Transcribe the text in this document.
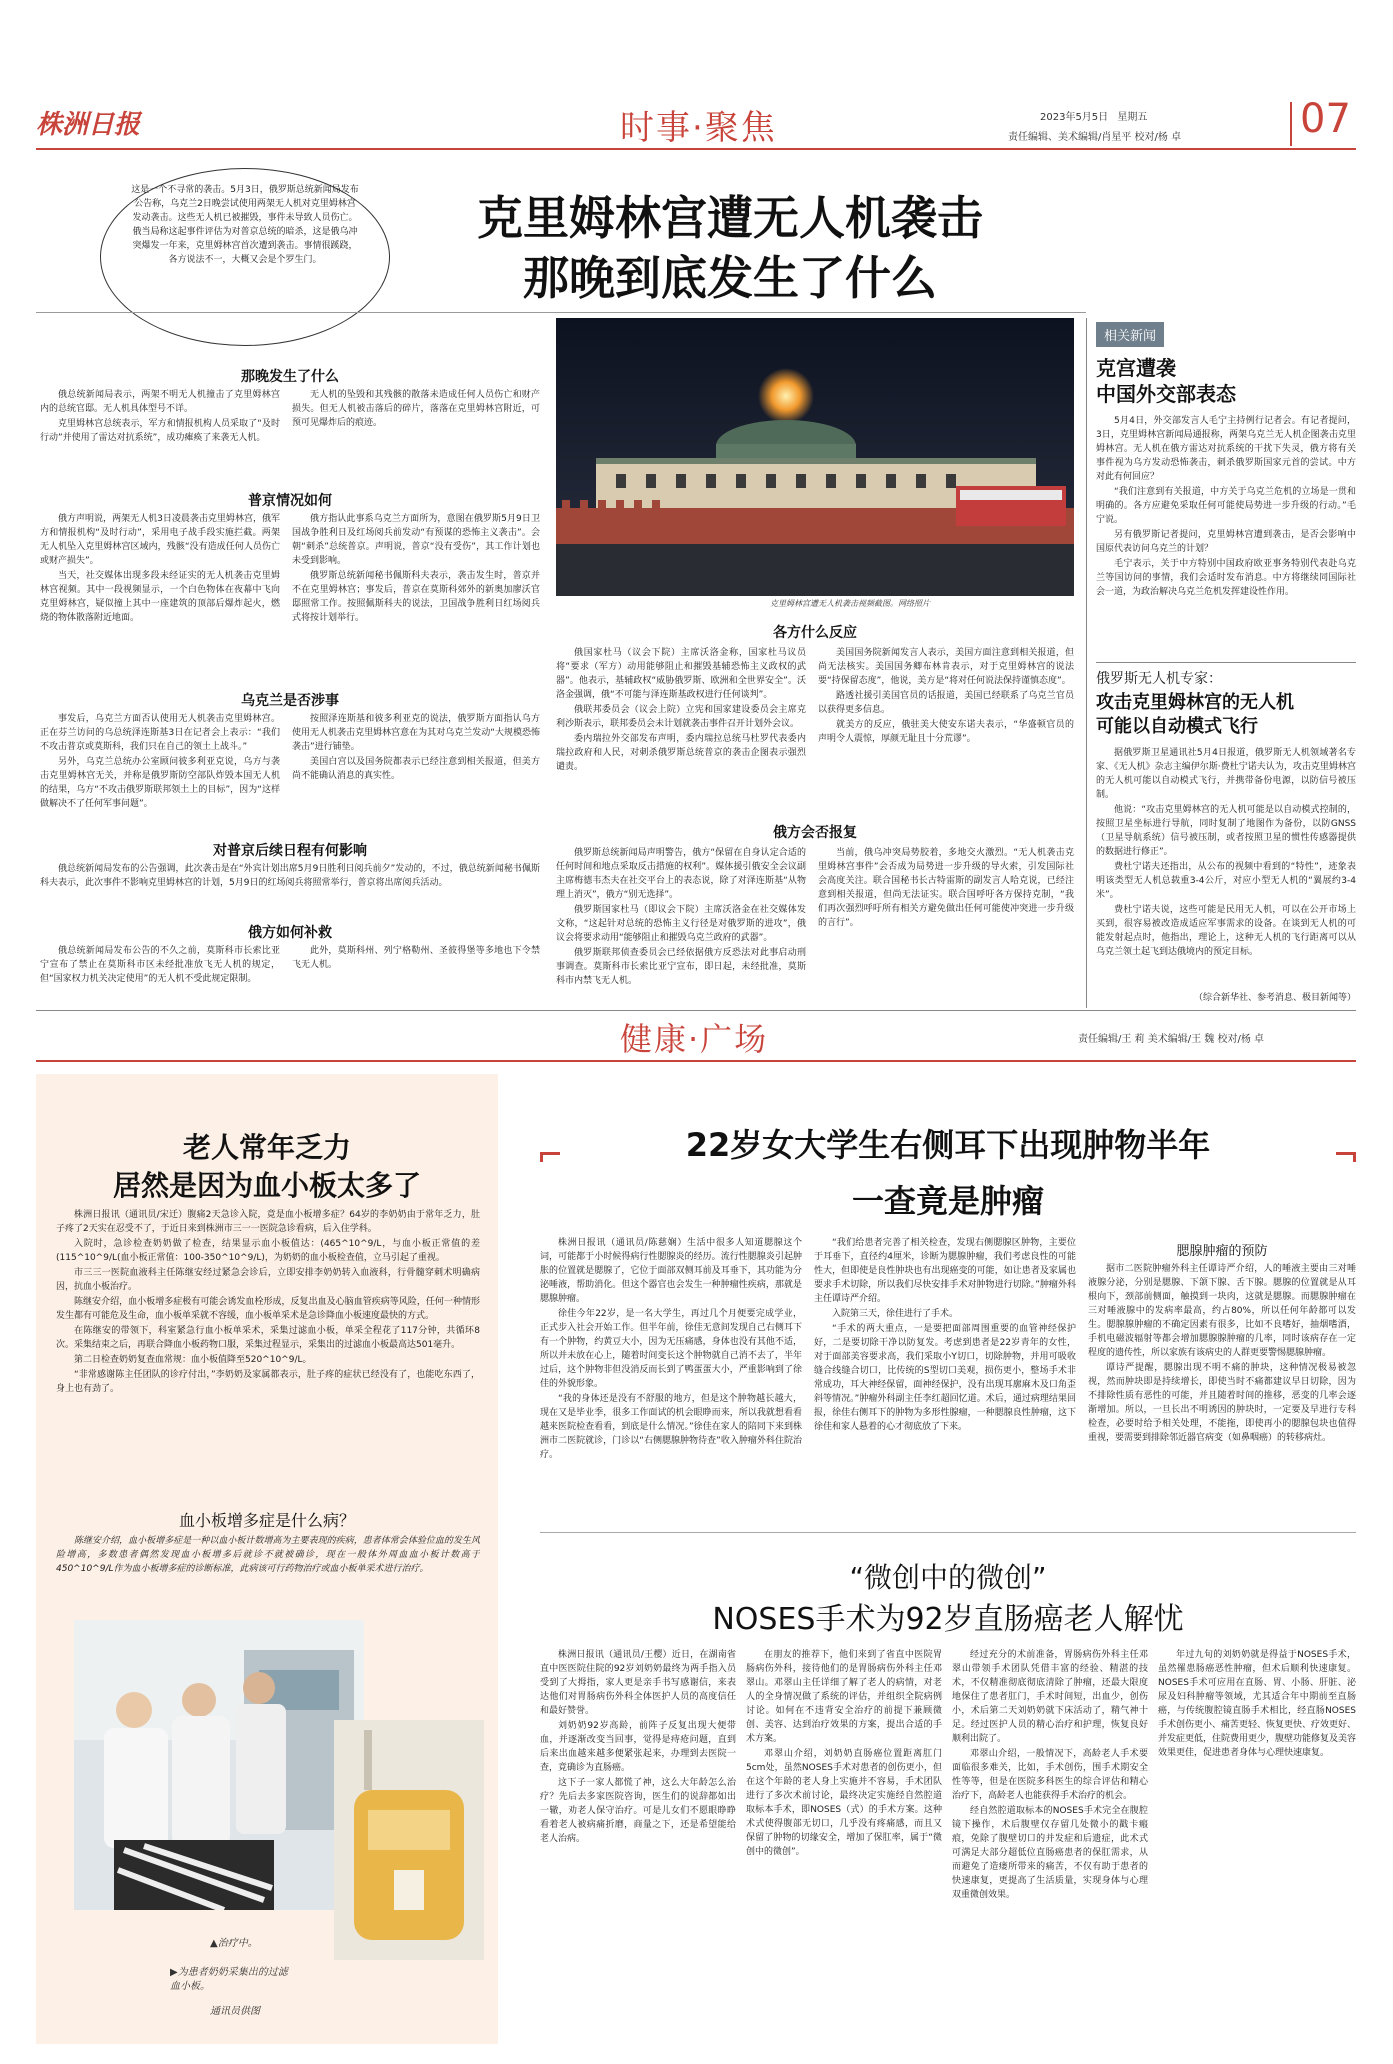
株洲日报	时事·聚焦	2023年5月5日 星期五
责任编辑、美术编辑/肖星平 校对/杨 卓	07
这是一个不寻常的袭击。5月3日，俄罗斯总统新闻局发布公告称，乌克兰2日晚尝试使用两架无人机对克里姆林宫发动袭击。这些无人机已被摧毁，事件未导致人员伤亡。俄当局称这起事件评估为对普京总统的暗杀，这是俄乌冲突爆发一年来，克里姆林宫首次遭到袭击。事情很蹊跷，各方说法不一，大概又会是个罗生门。
克里姆林宫遭无人机袭击
那晚到底发生了什么
克里姆林宫遭无人机袭击视频截图。网络照片
那晚发生了什么

俄总统新闻局表示，两架不明无人机撞击了克里姆林宫内的总统官邸。无人机具体型号不详。

克里姆林宫总统表示，军方和情报机构人员采取了“及时行动”并使用了雷达对抗系统”，成功瘫痪了来袭无人机。

无人机的坠毁和其残骸的散落未造成任何人员伤亡和财产损失。但无人机被击落后的碎片，落落在克里姆林宫附近，可预可见爆炸后的痕迹。

普京情况如何

俄方声明说，两架无人机3日凌晨袭击克里姆林宫，俄军方和情报机构“及时行动”，采用电子战手段实施拦截。两架无人机坠入克里姆林宫区域内，残骸“没有造成任何人员伤亡或财产损失”。

当天，社交媒体出现多段未经证实的无人机袭击克里姆林宫视频。其中一段视频显示，一个白色物体在夜幕中飞向克里姆林宫，疑似撞上其中一座建筑的顶部后爆炸起火，燃烧的物体散落附近地面。

俄方指认此事系乌克兰方面所为，意图在俄罗斯5月9日卫国战争胜利日及红场阅兵前发动“有预谋的恐怖主义袭击”。会朝“刺杀”总统普京。声明说，普京“没有受伤”，其工作计划也未受到影响。

俄罗斯总统新闻秘书佩斯科夫表示，袭击发生时，普京并不在克里姆林宫；事发后，普京在莫斯科郊外的新奥加廖沃官邸照常工作。按照佩斯科夫的说法，卫国战争胜利日红场阅兵式将按计划举行。

乌克兰是否涉事

事发后，乌克兰方面否认使用无人机袭击克里姆林宫。正在芬兰访问的乌总统泽连斯基3日在记者会上表示：“我们不攻击普京或莫斯科，我们只在自己的领土上战斗。”

另外，乌克兰总统办公室顾问彼多利亚克说，乌方与袭击克里姆林宫无关，并称是俄罗斯防空部队炸毁本国无人机的结果，乌方“不攻击俄罗斯联邦领土上的目标”，因为“这样做解决不了任何军事问题”。

按照泽连斯基和彼多利亚克的说法，俄罗斯方面指认乌方使用无人机袭击克里姆林宫意在为其对乌克兰发动“大规模恐怖袭击”进行铺垫。

美国白宫以及国务院都表示已经注意到相关报道，但美方尚不能确认消息的真实性。

对普京后续日程有何影响

俄总统新闻局发布的公告强调，此次袭击是在“外宾计划出席5月9日胜利日阅兵前夕”发动的，不过，俄总统新闻秘书佩斯科夫表示，此次事件不影响克里姆林宫的计划，5月9日的红场阅兵将照常举行，普京将出席阅兵活动。

俄方如何补救

俄总统新闻局发布公告的不久之前，莫斯科市长索比亚宁宣布了禁止在莫斯科市区未经批准放飞无人机的规定，但“国家权力机关决定使用”的无人机不受此规定限制。

此外，莫斯科州、列宁格勒州、圣彼得堡等多地也下令禁飞无人机。

各方什么反应

俄国家杜马（议会下院）主席沃洛金称，国家杜马议员将“要求（军方）动用能够阻止和摧毁基辅恐怖主义政权的武器”。他表示，基辅政权“威胁俄罗斯、欧洲和全世界安全”。沃洛金强调，俄“不可能与泽连斯基政权进行任何谈判”。

俄联邦委员会（议会上院）立宪和国家建设委员会主席克利沙斯表示，联邦委员会未计划就袭击事件召开计划外会议。

委内瑞拉外交部发布声明，委内瑞拉总统马杜罗代表委内瑞拉政府和人民，对刺杀俄罗斯总统普京的袭击企图表示强烈谴责。

美国国务院新闻发言人表示，美国方面注意到相关报道，但尚无法核实。美国国务卿布林肯表示，对于克里姆林宫的说法要“持保留态度”，他说，美方是“将对任何说法保持谨慎态度”。

路透社援引美国官员的话报道，美国已经联系了乌克兰官员以获得更多信息。

就美方的反应，俄驻美大使安东诺夫表示，“华盛顿官员的声明令人震惊，厚颜无耻且十分荒谬”。

俄方会否报复

俄罗斯总统新闻局声明警告，俄方“保留在自身认定合适的任何时间和地点采取反击措施的权利”。媒体援引俄安全会议副主席梅德韦杰夫在社交平台上的表态说，除了对泽连斯基“从物理上消灭”，俄方“别无选择”。

俄罗斯国家杜马（即议会下院）主席沃洛金在社交媒体发文称，“这起针对总统的恐怖主义行径是对俄罗斯的进攻”，俄议会将要求动用“能够阻止和摧毁乌克兰政府的武器”。

俄罗斯联邦侦查委员会已经依据俄方反恐法对此事启动刑事调查。莫斯科市长索比亚宁宣布，即日起，未经批准，莫斯科市内禁飞无人机。

当前，俄乌冲突局势胶着，多地交火激烈。“无人机袭击克里姆林宫事件”会否成为局势进一步升级的导火索，引发国际社会高度关注。联合国秘书长古特雷斯的副发言人哈克说，已经注意到相关报道，但尚无法证实。联合国呼吁各方保持克制，“我们再次强烈呼吁所有相关方避免做出任何可能使冲突进一步升级的言行”。

相关新闻
克宫遭袭
中国外交部表态

5月4日，外交部发言人毛宁主持例行记者会。有记者提问，3日，克里姆林宫新闻局通报称，两架乌克兰无人机企图袭击克里姆林宫。无人机在俄方雷达对抗系统的干扰下失灵，俄方将有关事件视为乌方发动恐怖袭击，刺杀俄罗斯国家元首的尝试。中方对此有何回应？

“我们注意到有关报道，中方关于乌克兰危机的立场是一贯和明确的。各方应避免采取任何可能使局势进一步升级的行动。”毛宁说。

另有俄罗斯记者提问，克里姆林宫遭到袭击，是否会影响中国原代表访问乌克兰的计划？

毛宁表示，关于中方特别中国政府欧亚事务特别代表赴乌克兰等国访问的事情，我们会适时发布消息。中方将继续同国际社会一道，为政治解决乌克兰危机发挥建设性作用。

俄罗斯无人机专家：
攻击克里姆林宫的无人机
可能以自动模式飞行

据俄罗斯卫星通讯社5月4日报道，俄罗斯无人机领域著名专家、《无人机》杂志主编伊尔斯·费杜宁诺夫认为，攻击克里姆林宫的无人机可能以自动模式飞行，并携带备份电源，以防信号被压制。

他说：“攻击克里姆林宫的无人机可能是以自动模式控制的，按照卫星坐标进行导航，同时复制了地图作为备份，以防GNSS（卫星导航系统）信号被压制，或者按照卫星的惯性传感器提供的数据进行修正”。

费杜宁诺夫还指出，从公布的视频中看到的“特性”，迹象表明该类型无人机总载重3-4公斤，对应小型无人机的“翼展约3-4米”。

费杜宁诺夫说，这些可能是民用无人机，可以在公开市场上买到，很容易被改造成适应军事需求的设备。在谈到无人机的可能发射起点时，他指出，理论上，这种无人机的飞行距离可以从乌克兰领土起飞到达俄境内的预定目标。

（综合新华社、参考消息、极目新闻等）
健康·广场	责任编辑/王 莉 美术编辑/王 魏 校对/杨 卓
老人常年乏力
居然是因为血小板太多了

株洲日报讯（通讯员/宋迁）腹痛2天急诊入院，竟是血小板增多症？64岁的李奶奶由于常年乏力，肚子疼了2天实在忍受不了，于近日来到株洲市三一一医院急诊看病，后入住学科。

入院时，急诊检查奶奶做了检查，结果显示血小板值达：(465^10^9/L，与血小板正常值的差 (115^10^9/L(血小板正常值：100-350^10^9/L)，为奶奶的血小板检查值，立马引起了重视。

市三三一医院血液科主任陈继安经过紧急会诊后，立即安排李奶奶转入血液科，行骨髓穿刺术明确病因，抗血小板治疗。

陈继安介绍，血小板增多症极有可能会诱发血栓形成，反复出血及心脑血管疾病等风险，任何一种情形发生都有可能危及生命，血小板单采就不容缓，血小板单采术是急诊降血小板速度最快的方式。

在陈继安的带领下，科室紧急行血小板单采术，采集过滤血小板，单采全程花了117分钟，共循环8次。采集结束之后，再联合降血小板药物口服，采集过程显示，采集出的过滤血小板最高达501毫升。

第二日检查奶奶复查血常规：血小板值降至520^10^9/L。

“非常感谢陈主任团队的诊疗付出，”李奶奶及家属都表示，肚子疼的症状已经没有了，也能吃东西了，身上也有劲了。

血小板增多症是什么病？

陈继安介绍，血小板增多症是一种以血小板计数增高为主要表现的疾病，患者体常会体验位血的发生风险增高，多数患者偶然发现血小板增多后就诊不就被确诊，现在一般体外周血血小板计数高于450^10^9/L作为血小板增多症的诊断标准，此病该可行药物治疗或血小板单采术进行治疗。

▲治疗中。
▶为患者奶奶采集出的过滤血小板。
通讯员供图
22岁女大学生右侧耳下出现肿物半年
一查竟是肿瘤

株洲日报讯（通讯员/陈慈娴）生活中很多人知道腮腺这个词，可能都于小时候得病行性腮腺炎的经历。流行性腮腺炎引起肿胀的位置就是腮腺了，它位于面部双侧耳前及耳垂下，其功能为分泌唾液，帮助消化。但这个器官也会发生一种肿瘤性疾病，那就是腮腺肿瘤。

徐佳今年22岁，是一名大学生，再过几个月便要完成学业，正式步入社会开始工作。但半年前，徐佳无意间发现自己右侧耳下有一个肿物，约黄豆大小，因为无压痛感，身体也没有其他不适，所以并未放在心上，随着时间变长这个肿物就自己消不去了，半年过后，这个肿物非但没消反而长到了鸭蛋蛋大小，严重影响到了徐佳的外貌形象。

“我的身体还是没有不舒服的地方，但是这个肿物越长越大，现在又是毕业季，很多工作面试的机会眼睁而来，所以我就想看看越来医院检查看看，到底是什么情况。”徐佳在家人的陪同下来到株洲市二医院就诊，门诊以“右侧腮腺肿物待查”收入肿瘤外科住院治疗。

“我们给患者完善了相关检查，发现右侧腮腺区肿物，主要位于耳垂下，直径约4厘米，诊断为腮腺肿瘤，我们考虑良性的可能性大，但即使是良性肿块也有出现癌变的可能，如让患者及家属也要求手术切除，所以我们尽快安排手术对肿物进行切除。”肿瘤外科主任谭诗严介绍。

入院第三天，徐佳进行了手术。

“手术的两大重点，一是要把面部周围重要的血管神经保护好，二是要切除干净以防复发。考虑到患者是22岁青年的女性，对于面部美容要求高，我们采取小Y切口，切除肿物，并用可吸收缝合线缝合切口，比传统的S型切口美观，损伤更小，整场手术非常成功，耳大神经保留，面神经保护，没有出现耳廓麻木及口角歪斜等情况。”肿瘤外科副主任李红超回忆道。术后，通过病理结果回报，徐佳右侧耳下的肿物为多形性腺瘤，一种腮腺良性肿瘤，这下徐佳和家人悬着的心才彻底放了下来。

腮腺肿瘤的预防

据市二医院肿瘤外科主任谭诗严介绍，人的唾液主要由三对唾液腺分泌，分别是腮腺、下颌下腺、舌下腺。腮腺的位置就是从耳根向下，颈部前侧面，触摸到一块肉，这就是腮腺。而腮腺肿瘤在三对唾液腺中的发病率最高，约占80%，所以任何年龄都可以发生。腮腺腺肿瘤的不确定因素有很多，比如不良嗜好，抽烟嗜酒，手机电磁波辐射等都会增加腮腺腺肿瘤的几率，同时该病存在一定程度的遗传性，所以家族有该病史的人群更要警惕腮腺肿瘤。

谭诗严提醒，腮腺出现不明不痛的肿块，这种情况极易被忽视，然而肿块即是持续增长，即使当时不痛都建议早日切除，因为不排除性质有恶性的可能，并且随着时间的推移，恶变的几率会逐渐增加。所以，一旦长出不明诱因的肿块时，一定要及早进行专科检查，必要时给予相关处理，不能拖，即使再小的腮腺包块也值得重视，要需要到排除邻近器官病变（如鼻咽癌）的转移病灶。

“微创中的微创”
NOSES手术为92岁直肠癌老人解忧

株洲日报讯（通讯员/王樱）近日，在湖南省直中医医院住院的92岁刘奶奶最终为两手指入员受到了大拇指，家人更是亲手书写感谢信，来表达他们对胃肠病伤外科全体医护人员的高度信任和最好赞誉。

刘奶奶92岁高龄，前阵子反复出现大便带血，并逐渐改变当回事，觉得是痔疮问题，直到后来出血越来越多便紧张起来，办理到去医院一查，竟确诊为直肠癌。

这下子一家人都慌了神，这么大年龄怎么治疗？先后去多家医院咨询，医生们的说辞都如出一辙，劝老人保守治疗。可是儿女们不愿眼睁睁看着老人被病痛折磨，商量之下，还是希望能给老人治病。

在朋友的推荐下，他们来到了省直中医院胃肠病伤外科，接待他们的是胃肠病伤外科主任邓翠山。邓翠山主任详细了解了老人的病情，对老人的全身情况做了系统的评估，并组织全院病例讨论。如何在不违背安全治疗的前提下兼顾微创、美容、达到治疗效果的方案，提出合适的手术方案。

邓翠山介绍，刘奶奶直肠癌位置距离肛门5cm处，虽然NOSES手术对患者的创伤更小，但在这个年龄的老人身上实施并不容易，手术团队进行了多次术前讨论，最终决定实施经自然腔道取标本手术，即NOSES（式）的手术方案。这种术式使得腹部无切口，几乎没有疼痛感，而且又保留了肿物的切缘安全，增加了保肛率，属于“微创中的微创”。

经过充分的术前准备，胃肠病伤外科主任邓翠山带领手术团队凭借丰富的经验、精湛的技术，不仅精准彻底彻底清除了肿瘤，还最大限度地保住了患者肛门，手术时间短，出血少，创伤小，术后第二天刘奶奶就下床活动了，精气神十足。经过医护人员的精心治疗和护理，恢复良好顺利出院了。

邓翠山介绍，一般情况下，高龄老人手术要面临很多难关，比如，手术创伤，围手术期安全性等等，但是在医院多科医生的综合评估和精心治疗下，高龄老人也能获得手术治疗的机会。

经自然腔道取标本的NOSES手术完全在腹腔镜下操作，术后腹壁仅存留几处微小的戳卡瘢痕，免除了腹壁切口的并发症和后遗症，此术式可满足大部分超低位直肠癌患者的保肛需求，从而避免了造瘘所带来的痛苦，不仅有助于患者的快速康复，更提高了生活质量，实现身体与心理双重微创效果。

年过九旬的刘奶奶就是得益于NOSES手术，虽然罹患肠癌恶性肿瘤，但术后顺利快速康复。NOSES手术可应用在直肠、胃、小肠、肝脏、泌尿及妇科肿瘤等领域，尤其适合年中期前至直肠癌，与传统腹腔镜直肠手术相比，经直肠NOSES手术创伤更小、痛苦更轻、恢复更快、疗效更好、并发症更低，住院费用更少，腹壁功能修复及美容效果更佳，促进患者身体与心理快速康复。
